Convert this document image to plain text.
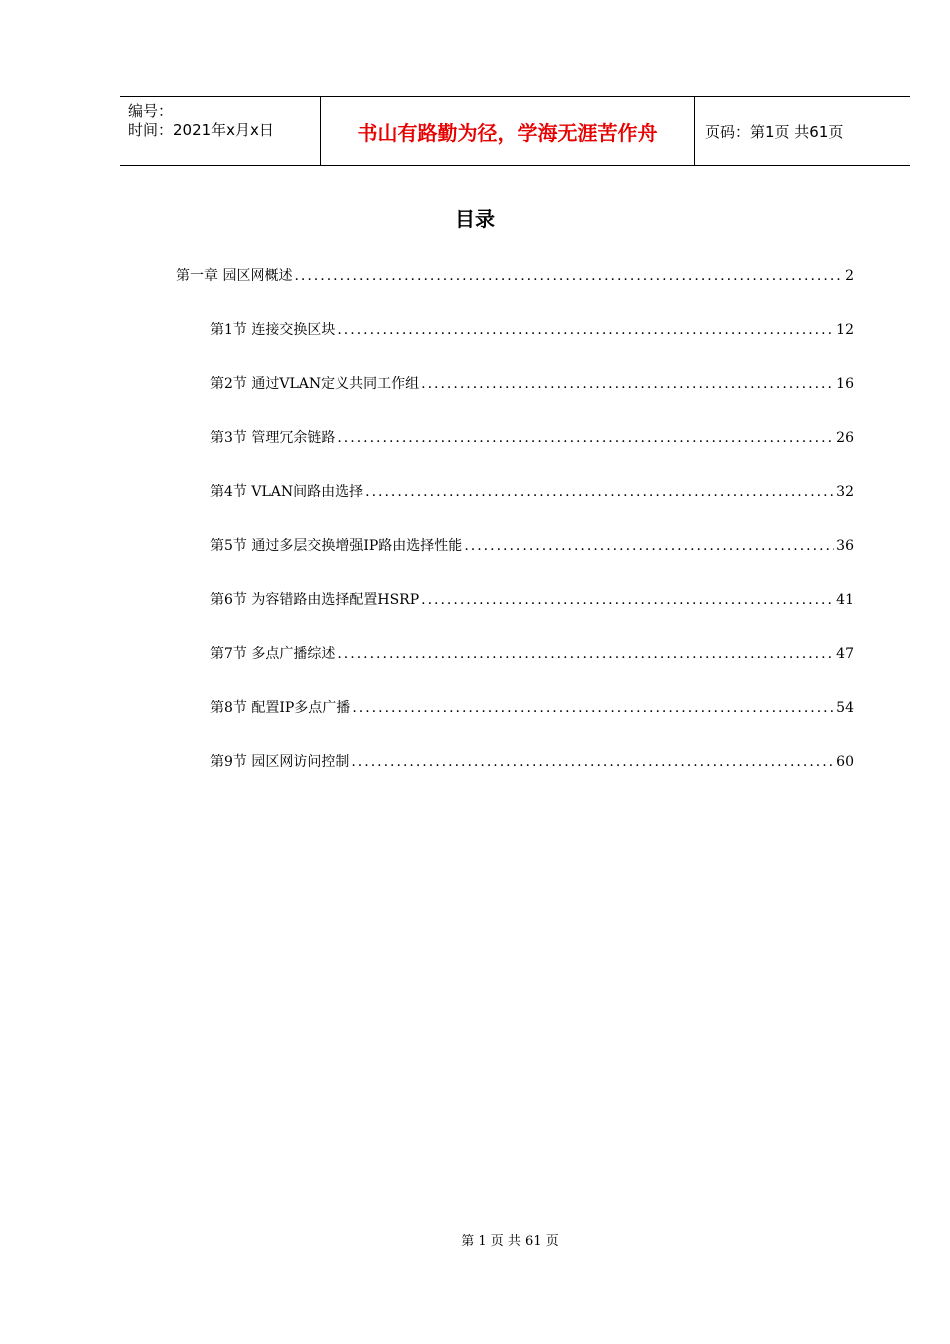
编号：
时间：2021年x月x日	书山有路勤为径，学海无涯苦作舟	页码：第1页 共61页
目录
第一章 园区网概述 .....	2
第1节 连接交换区块 .....	12
第2节 通过VLAN定义共同工作组 .....	16
第3节 管理冗余链路 .....	26
第4节 VLAN间路由选择 .....	32
第5节 通过多层交换增强IP路由选择性能 .....	36
第6节 为容错路由选择配置HSRP .....	41
第7节 多点广播综述 .....	47
第8节 配置IP多点广播 .....	54
第9节 园区网访问控制 .....	60
第 1 页 共 61 页
